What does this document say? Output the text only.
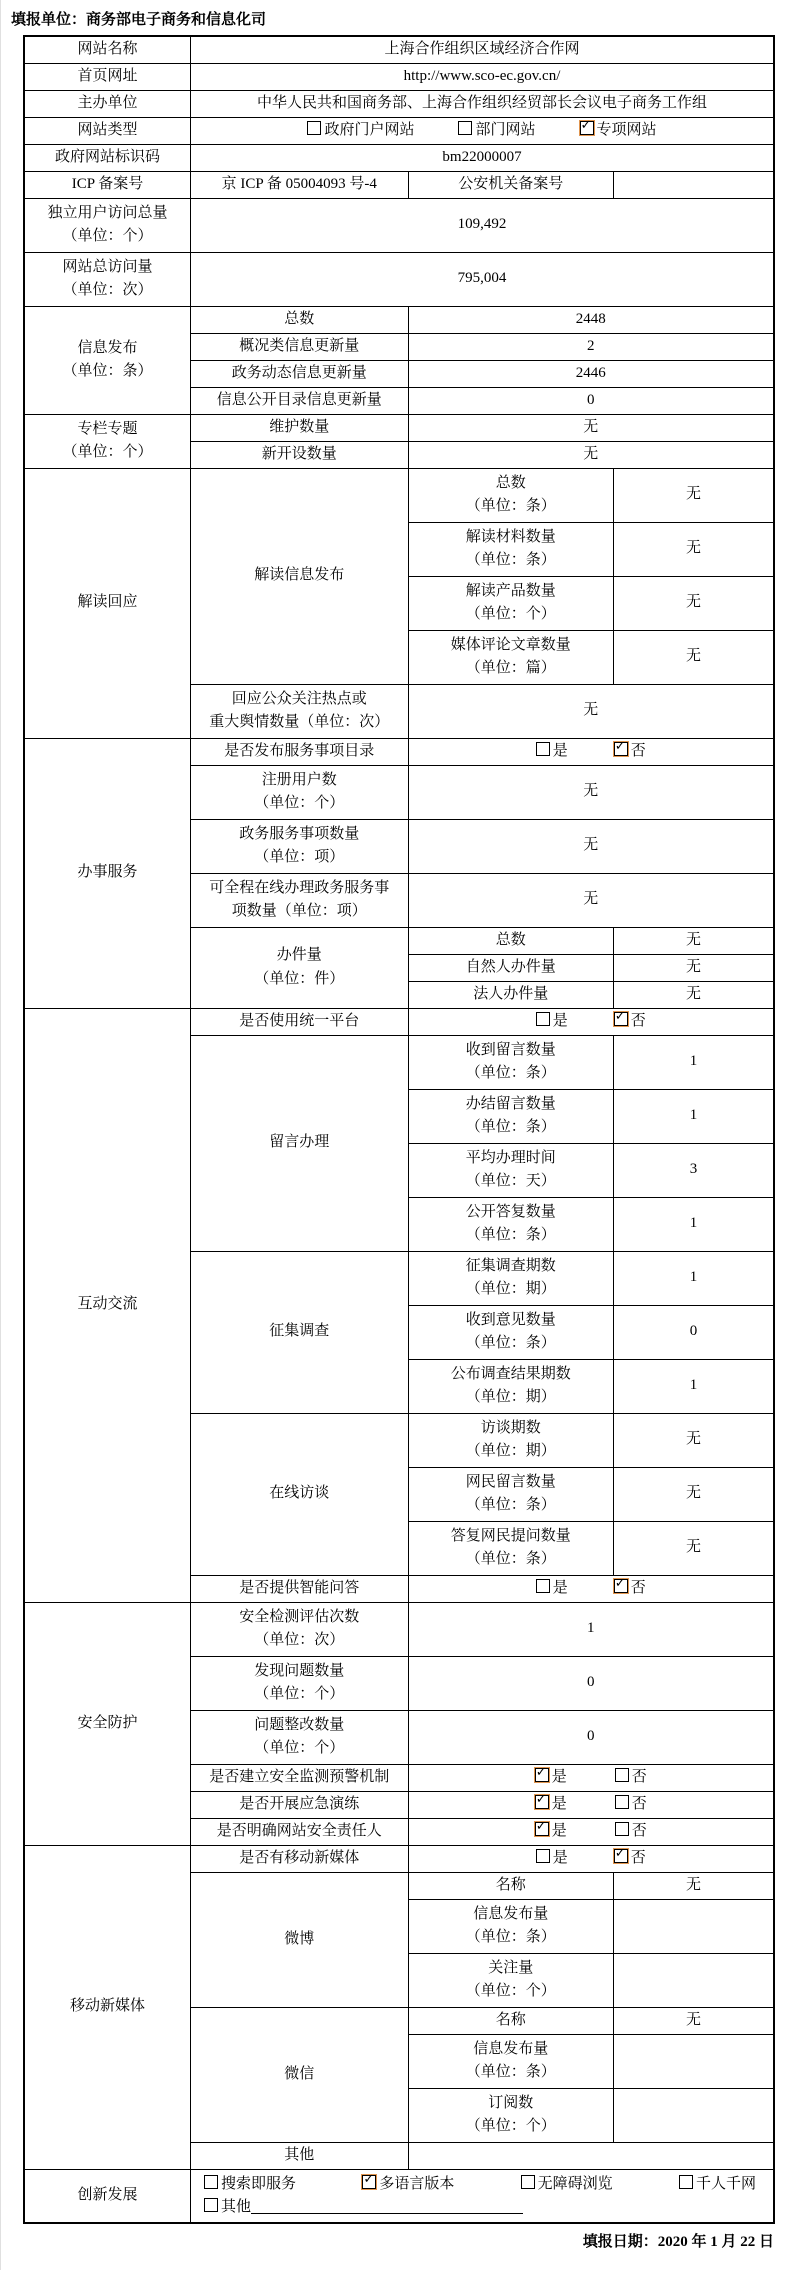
填报单位：商务部电子商务和信息化司
网站名称	上海合作组织区域经济合作网		
首页网址	http://www.sco-ec.gov.cn/		
主办单位	中华人民共和国商务部、上海合作组织经贸部长会议电子商务工作组		
网站类型	政府门户网站 部门网站 ✓ 专项网站

政府网站标识码	bm22000007		
ICP 备案号	京 ICP 备 05004093 号-4	公安机关备案号	

独立用户访问总量
（单位：个）	109,492		

网站总访问量
（单位：次）	795,004		

信息发布
（单位：条）	总数	2448	
	概况类信息更新量	2	
	政务动态信息更新量	2446	
	信息公开目录信息更新量	0	

专栏专题
（单位：个）	维护数量	无	
	新开设数量	无	
解读回应	解读信息发布	总数
（单位：条）	无

		解读材料数量
（单位：条）	无

		解读产品数量
（单位：个）	无

		媒体评论文章数量
（单位：篇）	无

	回应公众关注热点或
重大舆情数量（单位：次）	无	
办事服务	是否发布服务事项目录	是 ✓ 否

	注册用户数
（单位：个）	无	

	政务服务事项数量
（单位：项）	无	

	可全程在线办理政务服务事
项数量（单位：项）	无	

	办件量
（单位：件）	总数	无
		自然人办件量	无
		法人办件量	无
互动交流	是否使用统一平台	是 ✓ 否

	留言办理	收到留言数量
（单位：条）	1

		办结留言数量
（单位：条）	1

		平均办理时间
（单位：天）	3

		公开答复数量
（单位：条）	1
	征集调查	征集调查期数
（单位：期）	1

		收到意见数量
（单位：条）	0

		公布调查结果期数
（单位：期）	1
	在线访谈	访谈期数
（单位：期）	无

		网民留言数量
（单位：条）	无

		答复网民提问数量
（单位：条）	无
	是否提供智能问答	是 ✓ 否

安全防护	安全检测评估次数
（单位：次）	1	

	发现问题数量
（单位：个）	0	

	问题整改数量
（单位：个）	0	
	是否建立安全监测预警机制	
✓是 否

	是否开展应急演练	
✓是 否

	是否明确网站安全责任人	
✓是 否

移动新媒体	是否有移动新媒体	是 ✓ 否

	微博	名称	无

		信息发布量
（单位：条）	

		关注量
（单位：个）	

	微信	名称	无

		信息发布量
（单位：条）	

		订阅数
（单位：个）	

	其他		
创新发展	搜索即服务 ✓ 多语言版本 无障碍浏览 千人千网
其他
填报日期：2020 年 1 月 22 日
